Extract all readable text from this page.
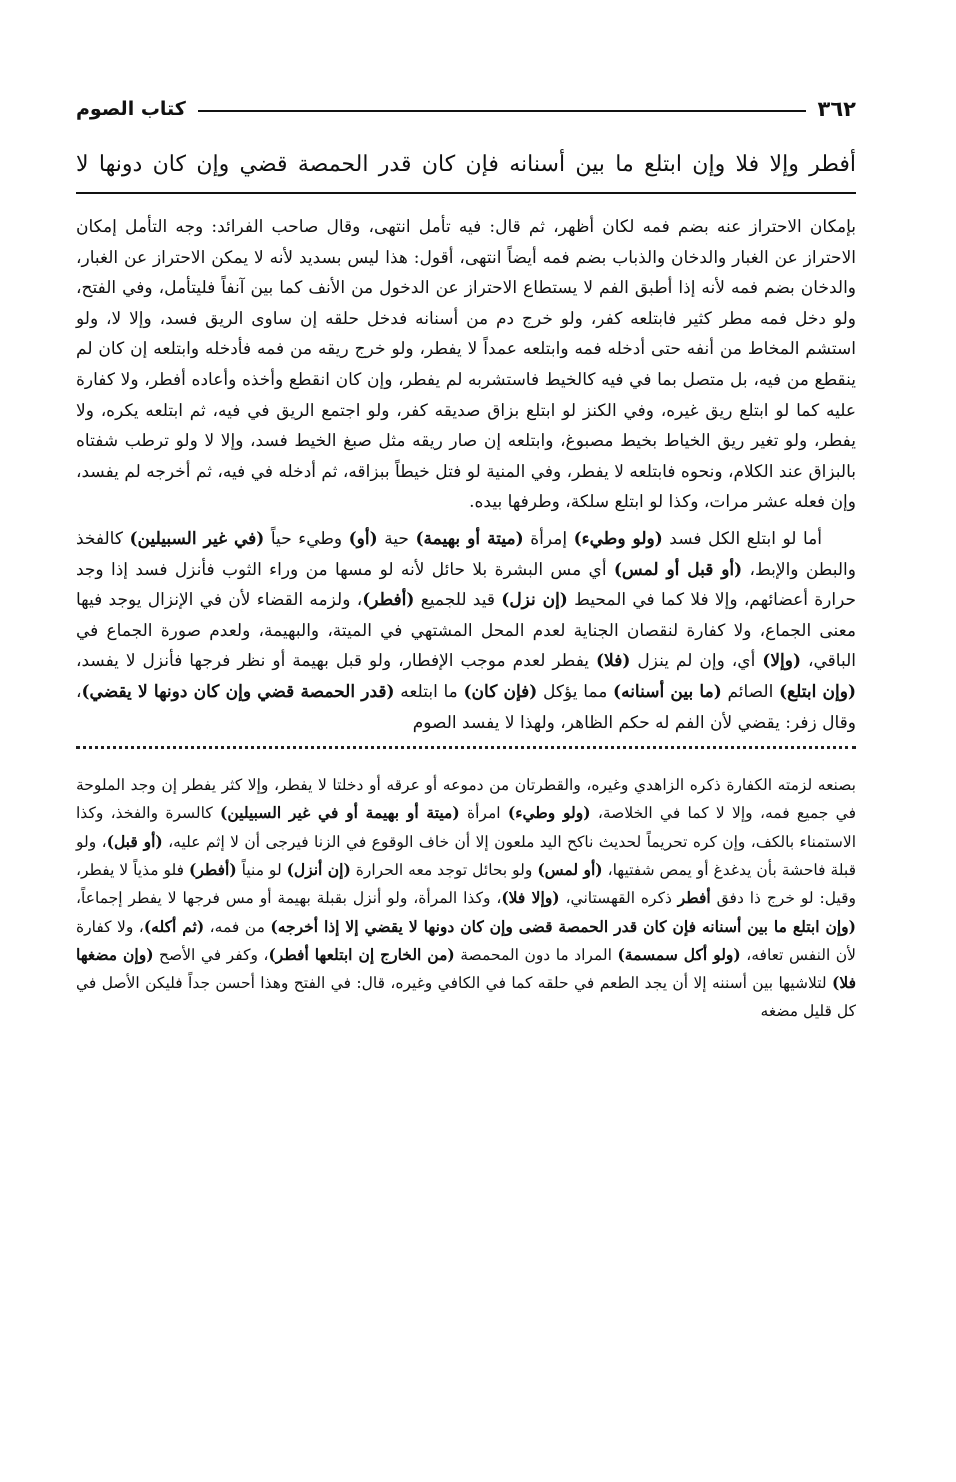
٣٦٢
كتاب الصوم
أفطر وإلا فلا وإن ابتلع ما بين أسنانه فإن كان قدر الحمصة قضي وإن كان دونها لا

بإمكان الاحتراز عنه بضم فمه لكان أظهر، ثم قال: فيه تأمل انتهى، وقال صاحب الفرائد: وجه التأمل إمكان الاحتراز عن الغبار والدخان والذباب بضم فمه أيضاً انتهى، أقول: هذا ليس بسديد لأنه لا يمكن الاحتراز عن الغبار، والدخان بضم فمه لأنه إذا أطبق الفم لا يستطاع الاحتراز عن الدخول من الأنف كما بين آنفاً فليتأمل، وفي الفتح، ولو دخل فمه مطر كثير فابتلعه كفر، ولو خرج دم من أسنانه فدخل حلقه إن ساوى الريق فسد، وإلا لا، ولو استشم المخاط من أنفه حتى أدخله فمه وابتلعه عمداً لا يفطر، ولو خرج ريقه من فمه فأدخله وابتلعه إن كان لم ينقطع من فيه، بل متصل بما في فيه كالخيط فاستشربه لم يفطر، وإن كان انقطع وأخذه وأعاده أفطر، ولا كفارة عليه كما لو ابتلع ريق غيره، وفي الكنز لو ابتلع بزاق صديقه كفر، ولو اجتمع الريق في فيه، ثم ابتلعه يكره، ولا يفطر، ولو تغير ريق الخياط بخيط مصبوغ، وابتلعه إن صار ريقه مثل صبغ الخيط فسد، وإلا لا ولو ترطب شفتاه بالبزاق عند الكلام، ونحوه فابتلعه لا يفطر، وفي المنية لو فتل خيطاً ببزاقه، ثم أدخله في فيه، ثم أخرجه لم يفسد، وإن فعله عشر مرات، وكذا لو ابتلع سلكة، وطرفها بيده.

أما لو ابتلع الكل فسد (ولو وطيء) إمرأة (ميتة أو بهيمة) حية (أو) وطيء حياً (في غير السبيلين) كالفخذ والبطن والإبط، (أو قبل أو لمس) أي مس البشرة بلا حائل لأنه لو مسها من وراء الثوب فأنزل فسد إذا وجد حرارة أعضائهم، وإلا فلا كما في المحيط (إن نزل) قيد للجميع (أفطر)، ولزمه القضاء لأن في الإنزال يوجد فيها معنى الجماع، ولا كفارة لنقصان الجناية لعدم المحل المشتهي في الميتة، والبهيمة، ولعدم صورة الجماع في الباقي، (وإلا) أي، وإن لم ينزل (فلا) يفطر لعدم موجب الإفطار، ولو قبل بهيمة أو نظر فرجها فأنزل لا يفسد، (وإن ابتلع) الصائم (ما بين أسنانه) مما يؤكل (فإن كان) ما ابتلعه (قدر الحمصة قضي وإن كان دونها لا يقضي)، وقال زفر: يقضي لأن الفم له حكم الظاهر، ولهذا لا يفسد الصوم

بصنعه لزمته الكفارة ذكره الزاهدي وغيره، والقطرتان من دموعه أو عرقه أو دخلتا لا يفطر، وإلا كثر يفطر إن وجد الملوحة في جميع فمه، وإلا لا كما في الخلاصة، (ولو وطيء) امرأة (ميتة أو بهيمة أو في غير السبيلين) كالسرة والفخذ، وكذا الاستمناء بالكف، وإن كره تحريماً لحديث ناكح اليد ملعون إلا أن خاف الوقوع في الزنا فيرجى أن لا إثم عليه، (أو قبل)، ولو قبلة فاحشة بأن يدغدغ أو يمص شفتيها، (أو لمس) ولو بحائل توجد معه الحرارة (إن أنزل) لو منياً (أفطر) فلو مذياً لا يفطر، وقيل: لو خرج ذا دفق أفطر ذكره القهستاني، (وإلا فلا)، وكذا المرأة، ولو أنزل بقبلة بهيمة أو مس فرجها لا يفطر إجماعاً، (وإن ابتلع ما بين أسنانه فإن كان قدر الحمصة قضى وإن كان دونها لا يقضي إلا إذا أخرجه) من فمه، (ثم أكله)، ولا كفارة لأن النفس تعافه، (ولو أكل سمسمة) المراد ما دون المحمصة (من الخارج إن ابتلعها أفطر)، وكفر في الأصح (وإن مضغها فلا) لتلاشيها بين أسننه إلا أن يجد الطعم في حلقه كما في الكافي وغيره، قال: في الفتح وهذا أحسن جداً فليكن الأصل في كل قليل مضغه
